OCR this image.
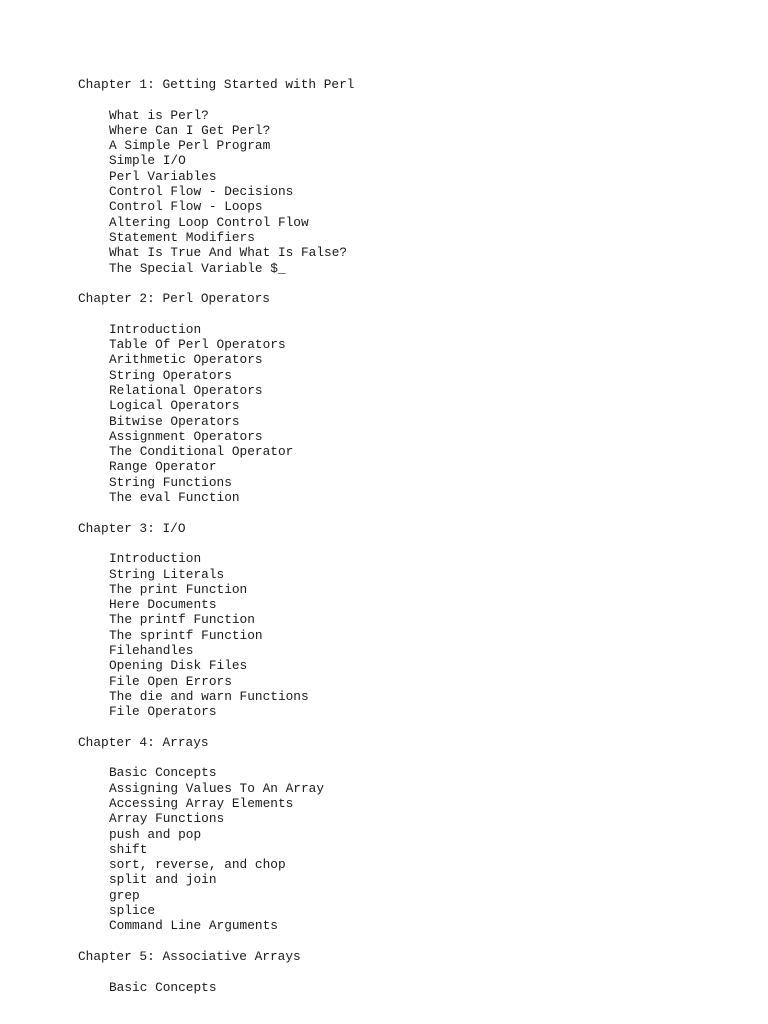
Chapter 1: Getting Started with Perl
What is Perl?
Where Can I Get Perl?
A Simple Perl Program
Simple I/O
Perl Variables
Control Flow - Decisions
Control Flow - Loops
Altering Loop Control Flow
Statement Modifiers
What Is True And What Is False?
The Special Variable $_
Chapter 2: Perl Operators
Introduction
Table Of Perl Operators
Arithmetic Operators
String Operators
Relational Operators
Logical Operators
Bitwise Operators
Assignment Operators
The Conditional Operator
Range Operator
String Functions
The eval Function
Chapter 3: I/O
Introduction
String Literals
The print Function
Here Documents
The printf Function
The sprintf Function
Filehandles
Opening Disk Files
File Open Errors
The die and warn Functions
File Operators
Chapter 4: Arrays
Basic Concepts
Assigning Values To An Array
Accessing Array Elements
Array Functions
push and pop
shift
sort, reverse, and chop
split and join
grep
splice
Command Line Arguments
Chapter 5: Associative Arrays
Basic Concepts
